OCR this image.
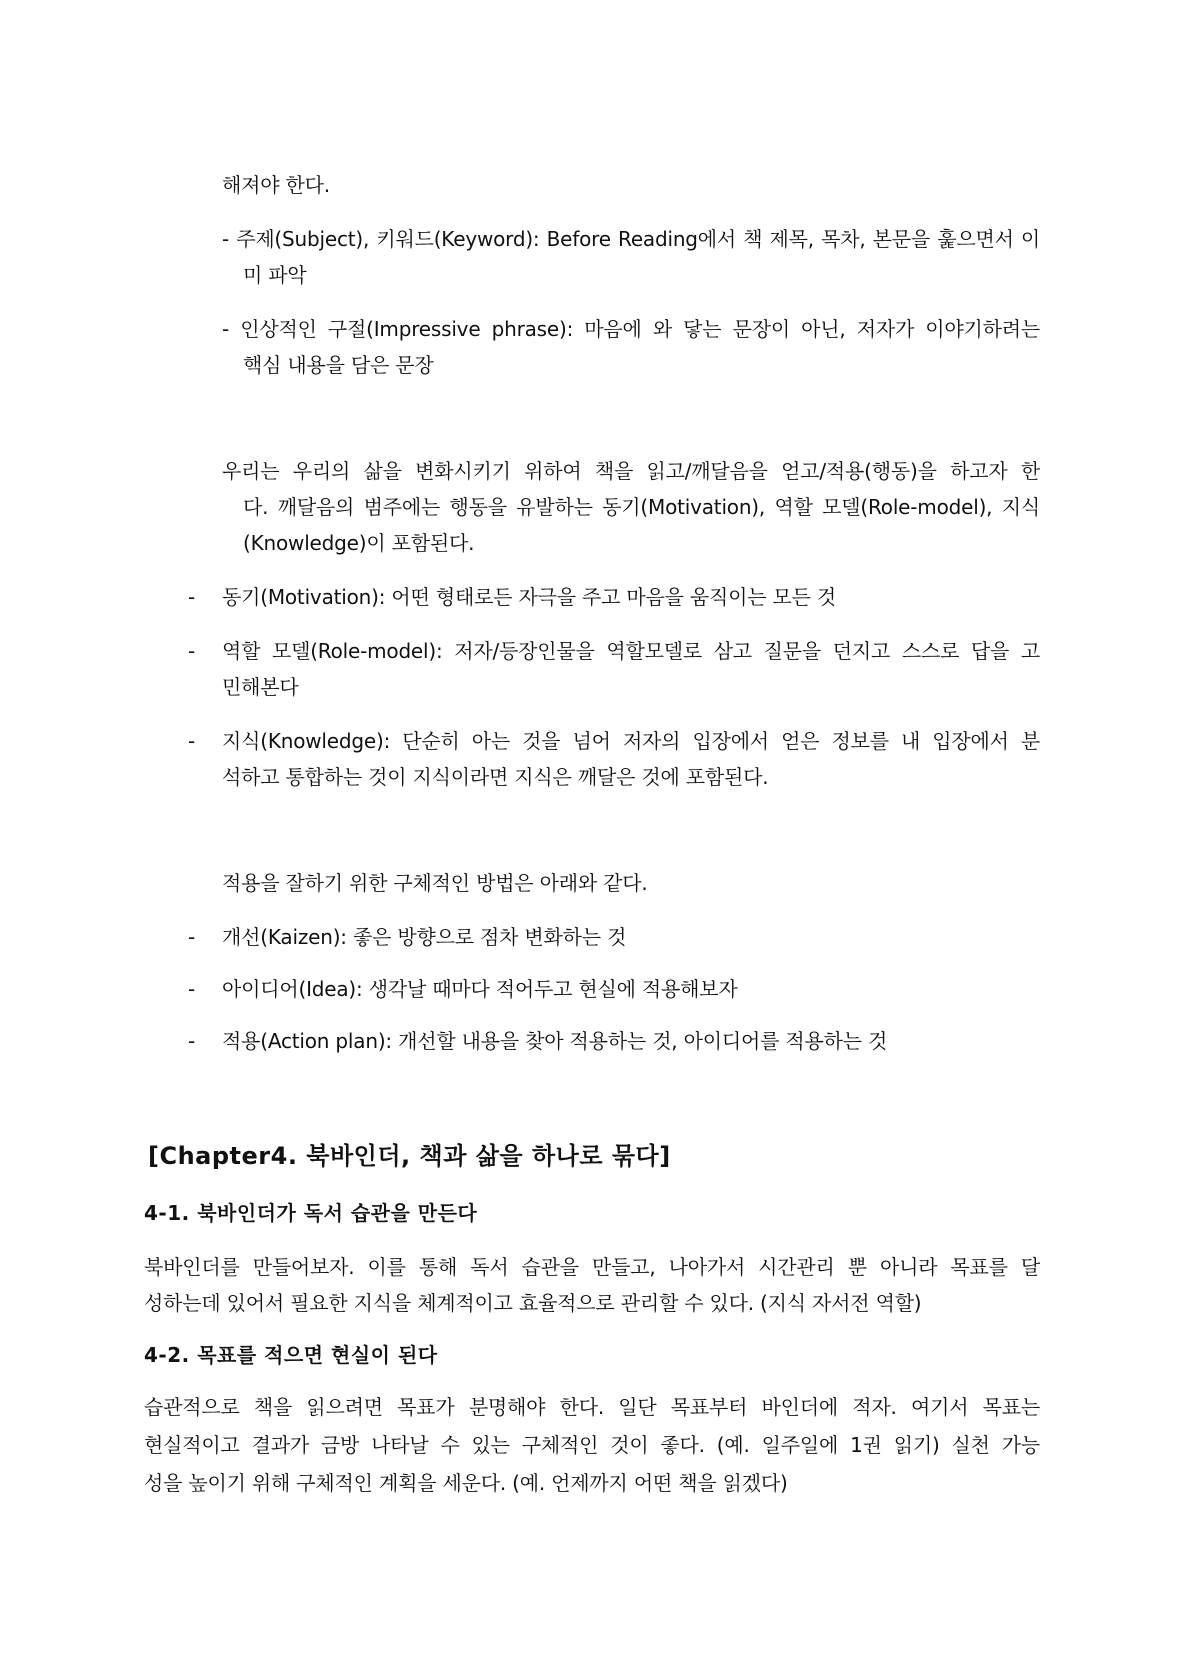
해져야 한다.
- 주제(Subject), 키워드(Keyword): Before Reading에서 책 제목, 목차, 본문을 훑으면서 이
미 파악
- 인상적인 구절(Impressive phrase): 마음에 와 닿는 문장이 아닌, 저자가 이야기하려는
핵심 내용을 담은 문장
우리는 우리의 삶을 변화시키기 위하여 책을 읽고/깨달음을 얻고/적용(행동)을 하고자 한
다. 깨달음의 범주에는 행동을 유발하는 동기(Motivation), 역할 모델(Role-model), 지식
(Knowledge)이 포함된다.
- 동기(Motivation): 어떤 형태로든 자극을 주고 마음을 움직이는 모든 것
- 역할 모델(Role-model): 저자/등장인물을 역할모델로 삼고 질문을 던지고 스스로 답을 고
민해본다
- 지식(Knowledge): 단순히 아는 것을 넘어 저자의 입장에서 얻은 정보를 내 입장에서 분
석하고 통합하는 것이 지식이라면 지식은 깨달은 것에 포함된다.
적용을 잘하기 위한 구체적인 방법은 아래와 같다.
- 개선(Kaizen): 좋은 방향으로 점차 변화하는 것
- 아이디어(Idea): 생각날 때마다 적어두고 현실에 적용해보자
- 적용(Action plan): 개선할 내용을 찾아 적용하는 것, 아이디어를 적용하는 것
[Chapter4. 북바인더, 책과 삶을 하나로 묶다]
4-1. 북바인더가 독서 습관을 만든다
북바인더를 만들어보자. 이를 통해 독서 습관을 만들고, 나아가서 시간관리 뿐 아니라 목표를 달
성하는데 있어서 필요한 지식을 체계적이고 효율적으로 관리할 수 있다. (지식 자서전 역할)
4-2. 목표를 적으면 현실이 된다
습관적으로 책을 읽으려면 목표가 분명해야 한다. 일단 목표부터 바인더에 적자. 여기서 목표는
현실적이고 결과가 금방 나타날 수 있는 구체적인 것이 좋다. (예. 일주일에 1권 읽기) 실천 가능
성을 높이기 위해 구체적인 계획을 세운다. (예. 언제까지 어떤 책을 읽겠다)
